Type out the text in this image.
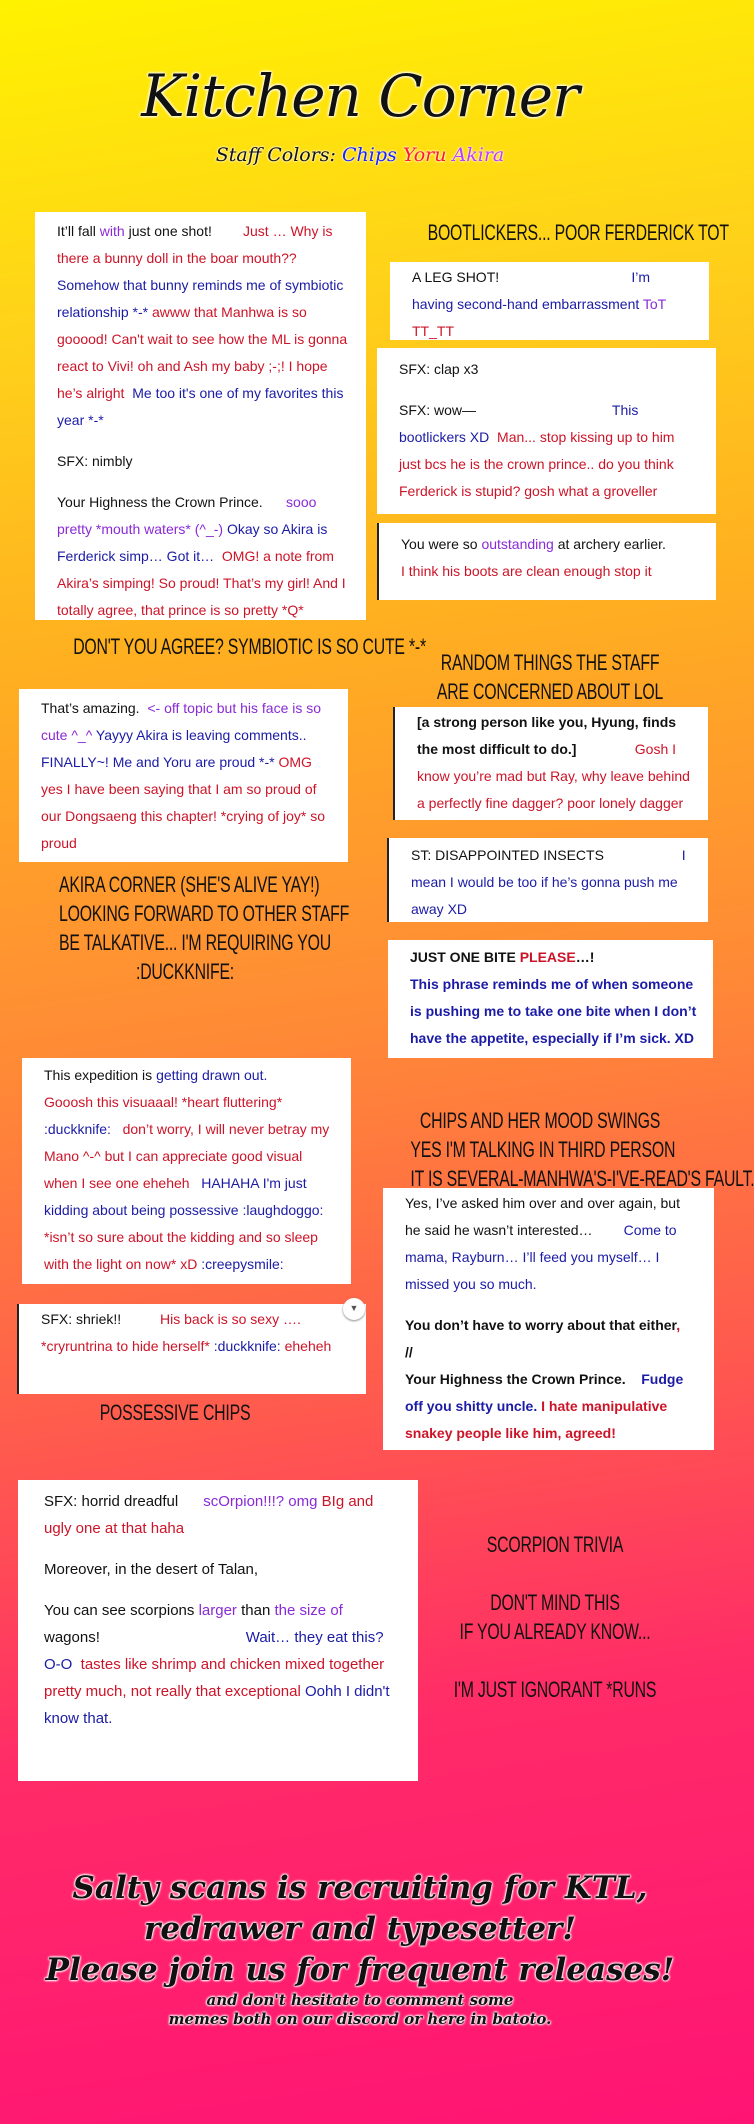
Kitchen Corner
Staff Colors: Chips Yoru Akira

It’ll fall with just one shot!        Just … Why is there a bunny doll in the boar mouth?? Somehow that bunny reminds me of symbiotic relationship *-* awww that Manhwa is so gooood! Can't wait to see how the ML is gonna react to Vivi! oh and Ash my baby ;-;! I hope he’s alright  Me too it's one of my favorites this year *-*

SFX: nimbly

Your Highness the Crown Prince.      sooo pretty *mouth waters* (^_-) Okay so Akira is Ferderick simp… Got it…  OMG! a note from Akira’s simping! So proud! That’s my girl! And I totally agree, that prince is so pretty *Q*

A LEG SHOT!                                  I’m having second-hand embarrassment ToT TT_TT

SFX: clap x3

SFX: wow—                                   This bootlickers XD  Man... stop kissing up to him just bcs he is the crown prince.. do you think Ferderick is stupid? gosh what a groveller

You were so outstanding at archery earlier.

I think his boots are clean enough stop it

That’s amazing.  <- off topic but his face is so cute ^_^ Yayyy Akira is leaving comments.. FINALLY~! Me and Yoru are proud *-* OMG yes I have been saying that I am so proud of our Dongsaeng this chapter! *crying of joy* so proud

[a strong person like you, Hyung, finds the most difficult to do.]               Gosh I know you’re mad but Ray, why leave behind a perfectly fine dagger? poor lonely dagger

ST: DISAPPOINTED INSECTS                    I mean I would be too if he’s gonna push me away XD

JUST ONE BITE PLEASE…!

This phrase reminds me of when someone is pushing me to take one bite when I don’t have the appetite, especially if I’m sick. XD

This expedition is getting drawn out.

Gooosh this visuaaal! *heart fluttering* :duckknife:   don’t worry, I will never betray my Mano ^-^ but I can appreciate good visual when I see one eheheh   HAHAHA I'm just kidding about being possessive :laughdoggo: *isn’t so sure about the kidding and so sleep with the light on now* xD :creepysmile:

SFX: shriek!!          His back is so sexy …. *cryruntrina to hide herself* :duckknife: eheheh

▼

Yes, I’ve asked him over and over again, but he said he wasn’t interested…        Come to mama, Rayburn… I’ll feed you myself… I missed you so much.

You don’t have to worry about that either,

//

Your Highness the Crown Prince.    Fudge off you shitty uncle. I hate manipulative snakey people like him, agreed!

SFX: horrid dreadful      scOrpion!!!? omg BIg and ugly one at that haha

Moreover, in the desert of Talan,

You can see scorpions larger than the size of wagons!                                   Wait… they eat this? O-O  tastes like shrimp and chicken mixed together pretty much, not really that exceptional Oohh I didn't know that.

BOOTLICKERS... POOR FERDERICK TOT
DON'T YOU AGREE? SYMBIOTIC IS SO CUTE *-*
RANDOM THINGS THE STAFF
ARE CONCERNED ABOUT LOL
AKIRA CORNER (SHE'S ALIVE YAY!)
LOOKING FORWARD TO OTHER STAFF
BE TALKATIVE... I'M REQUIRING YOU
:DUCKKNIFE:
CHIPS AND HER MOOD SWINGS
YES I'M TALKING IN THIRD PERSON
IT IS SEVERAL-MANHWA'S-I'VE-READ'S FAULT.
POSSESSIVE CHIPS
SCORPION TRIVIA
DON'T MIND THIS
IF YOU ALREADY KNOW...
I'M JUST IGNORANT *RUNS
Salty scans is recruiting for KTL,
redrawer and typesetter!
Please join us for frequent releases!
and don't hesitate to comment some
memes both on our discord or here in batoto.
